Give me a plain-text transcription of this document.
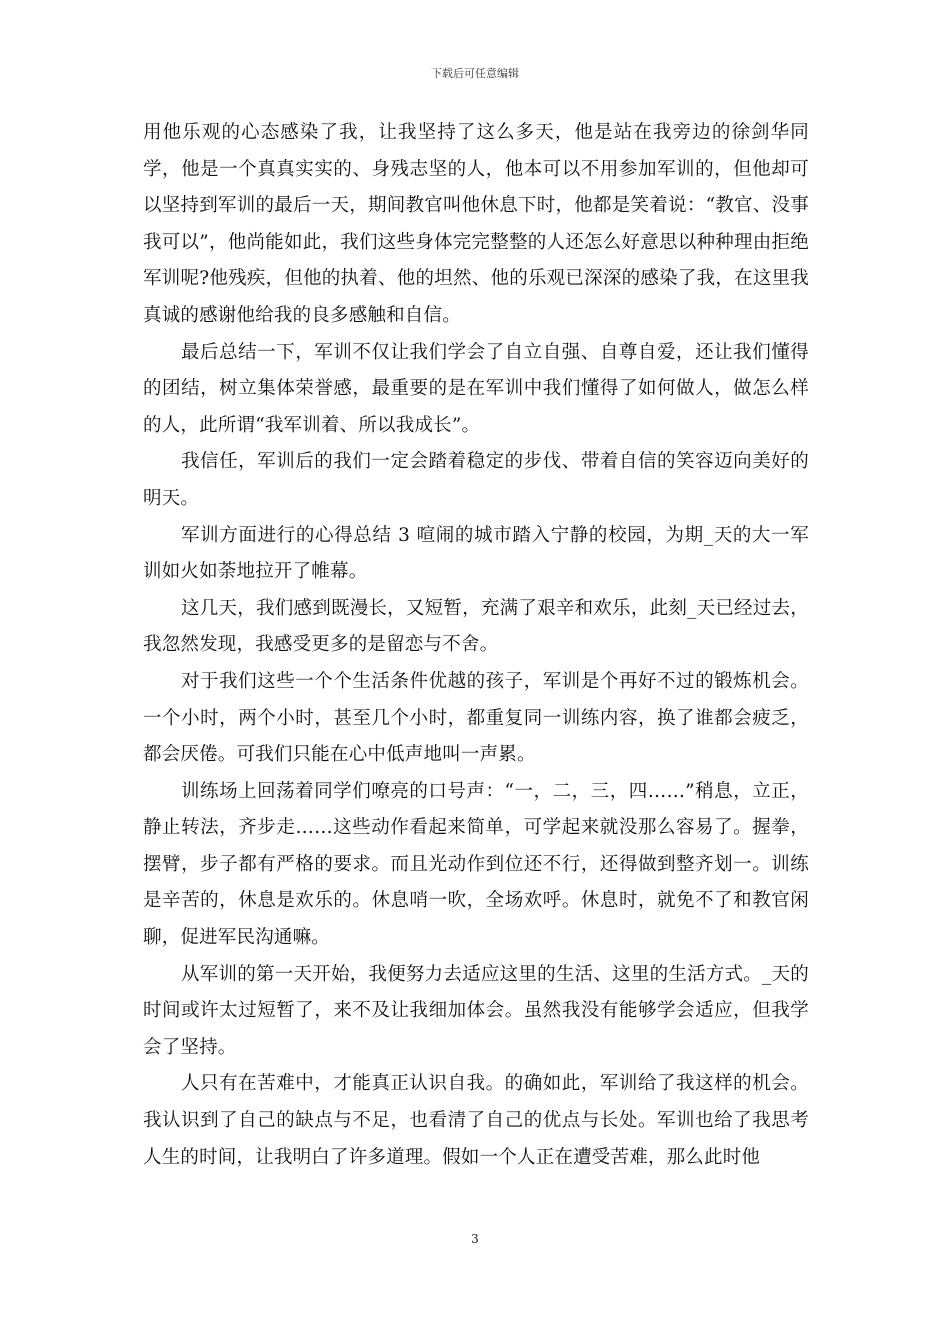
下载后可任意编辑

用他乐观的心态感染了我，让我坚持了这么多天，他是站在我旁边的徐剑华同学，他是一个真真实实的、身残志坚的人，他本可以不用参加军训的，但他却可以坚持到军训的最后一天，期间教官叫他休息下时，他都是笑着说：“教官、没事我可以”，他尚能如此，我们这些身体完完整整的人还怎么好意思以种种理由拒绝军训呢?他残疾，但他的执着、他的坦然、他的乐观已深深的感染了我，在这里我真诚的感谢他给我的良多感触和自信。

最后总结一下，军训不仅让我们学会了自立自强、自尊自爱，还让我们懂得的团结，树立集体荣誉感，最重要的是在军训中我们懂得了如何做人，做怎么样的人，此所谓“我军训着、所以我成长”。

我信任，军训后的我们一定会踏着稳定的步伐、带着自信的笑容迈向美好的明天。

军训方面进行的心得总结 3 喧闹的城市踏入宁静的校园，为期_天的大一军训如火如荼地拉开了帷幕。

这几天，我们感到既漫长，又短暂，充满了艰辛和欢乐，此刻_天已经过去，我忽然发现，我感受更多的是留恋与不舍。

对于我们这些一个个生活条件优越的孩子，军训是个再好不过的锻炼机会。一个小时，两个小时，甚至几个小时，都重复同一训练内容，换了谁都会疲乏，都会厌倦。可我们只能在心中低声地叫一声累。

训练场上回荡着同学们嘹亮的口号声：“一，二，三，四……”稍息，立正，静止转法，齐步走……这些动作看起来简单，可学起来就没那么容易了。握拳，摆臂，步子都有严格的要求。而且光动作到位还不行，还得做到整齐划一。训练是辛苦的，休息是欢乐的。休息哨一吹，全场欢呼。休息时，就免不了和教官闲聊，促进军民沟通嘛。

从军训的第一天开始，我便努力去适应这里的生活、这里的生活方式。_天的时间或许太过短暂了，来不及让我细加体会。虽然我没有能够学会适应，但我学会了坚持。

人只有在苦难中，才能真正认识自我。的确如此，军训给了我这样的机会。我认识到了自己的缺点与不足，也看清了自己的优点与长处。军训也给了我思考人生的时间，让我明白了许多道理。假如一个人正在遭受苦难，那么此时他

3
